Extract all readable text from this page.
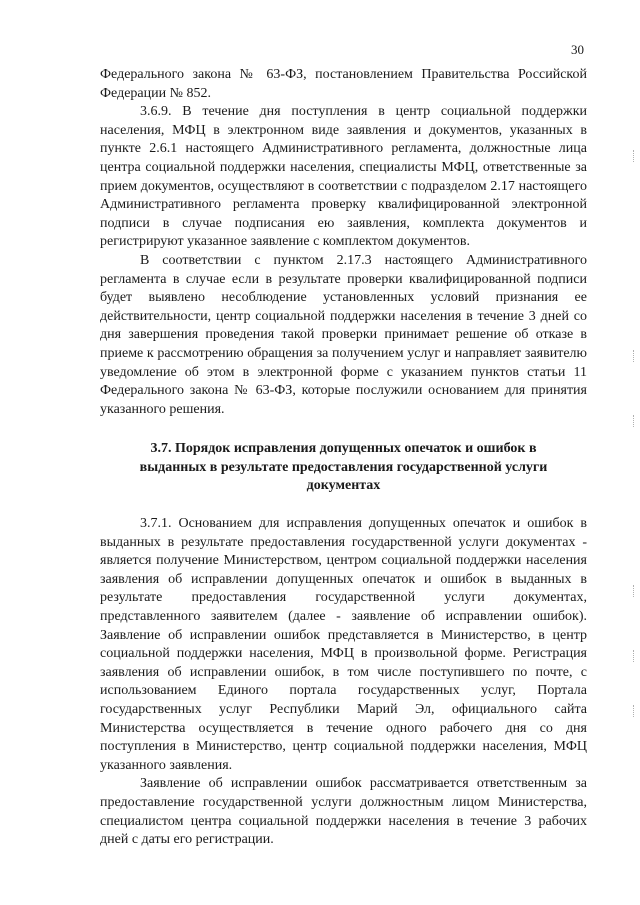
30

Федерального закона № 63-ФЗ, постановлением Правительства Российской Федерации № 852.

3.6.9. В течение дня поступления в центр социальной поддержки населения, МФЦ в электронном виде заявления и документов, указанных в пункте 2.6.1 настоящего Административного регламента, должностные лица центра социальной поддержки населения, специалисты МФЦ, ответственные за прием документов, осуществляют в соответствии с подразделом 2.17 настоящего Административного регламента проверку квалифицированной электронной подписи в случае подписания ею заявления, комплекта документов и регистрируют указанное заявление с комплектом документов.

В соответствии с пунктом 2.17.3 настоящего Административного регламента в случае если в результате проверки квалифицированной подписи будет выявлено несоблюдение установленных условий признания ее действительности, центр социальной поддержки населения в течение 3 дней со дня завершения проведения такой проверки принимает решение об отказе в приеме к рассмотрению обращения за получением услуг и направляет заявителю уведомление об этом в электронной форме с указанием пунктов статьи 11 Федерального закона № 63-ФЗ, которые послужили основанием для принятия указанного решения.

3.7. Порядок исправления допущенных опечаток и ошибок в выданных в результате предоставления государственной услуги документах

3.7.1. Основанием для исправления допущенных опечаток и ошибок в выданных в результате предоставления государственной услуги документах - является получение Министерством, центром социальной поддержки населения заявления об исправлении допущенных опечаток и ошибок в выданных в результате предоставления государственной услуги документах, представленного заявителем (далее - заявление об исправлении ошибок). Заявление об исправлении ошибок представляется в Министерство, в центр социальной поддержки населения, МФЦ в произвольной форме. Регистрация заявления об исправлении ошибок, в том числе поступившего по почте, с использованием Единого портала государственных услуг, Портала государственных услуг Республики Марий Эл, официального сайта Министерства осуществляется в течение одного рабочего дня со дня поступления в Министерство, центр социальной поддержки населения, МФЦ указанного заявления.

Заявление об исправлении ошибок рассматривается ответственным за предоставление государственной услуги должностным лицом Министерства, специалистом центра социальной поддержки населения в течение 3 рабочих дней с даты его регистрации.
